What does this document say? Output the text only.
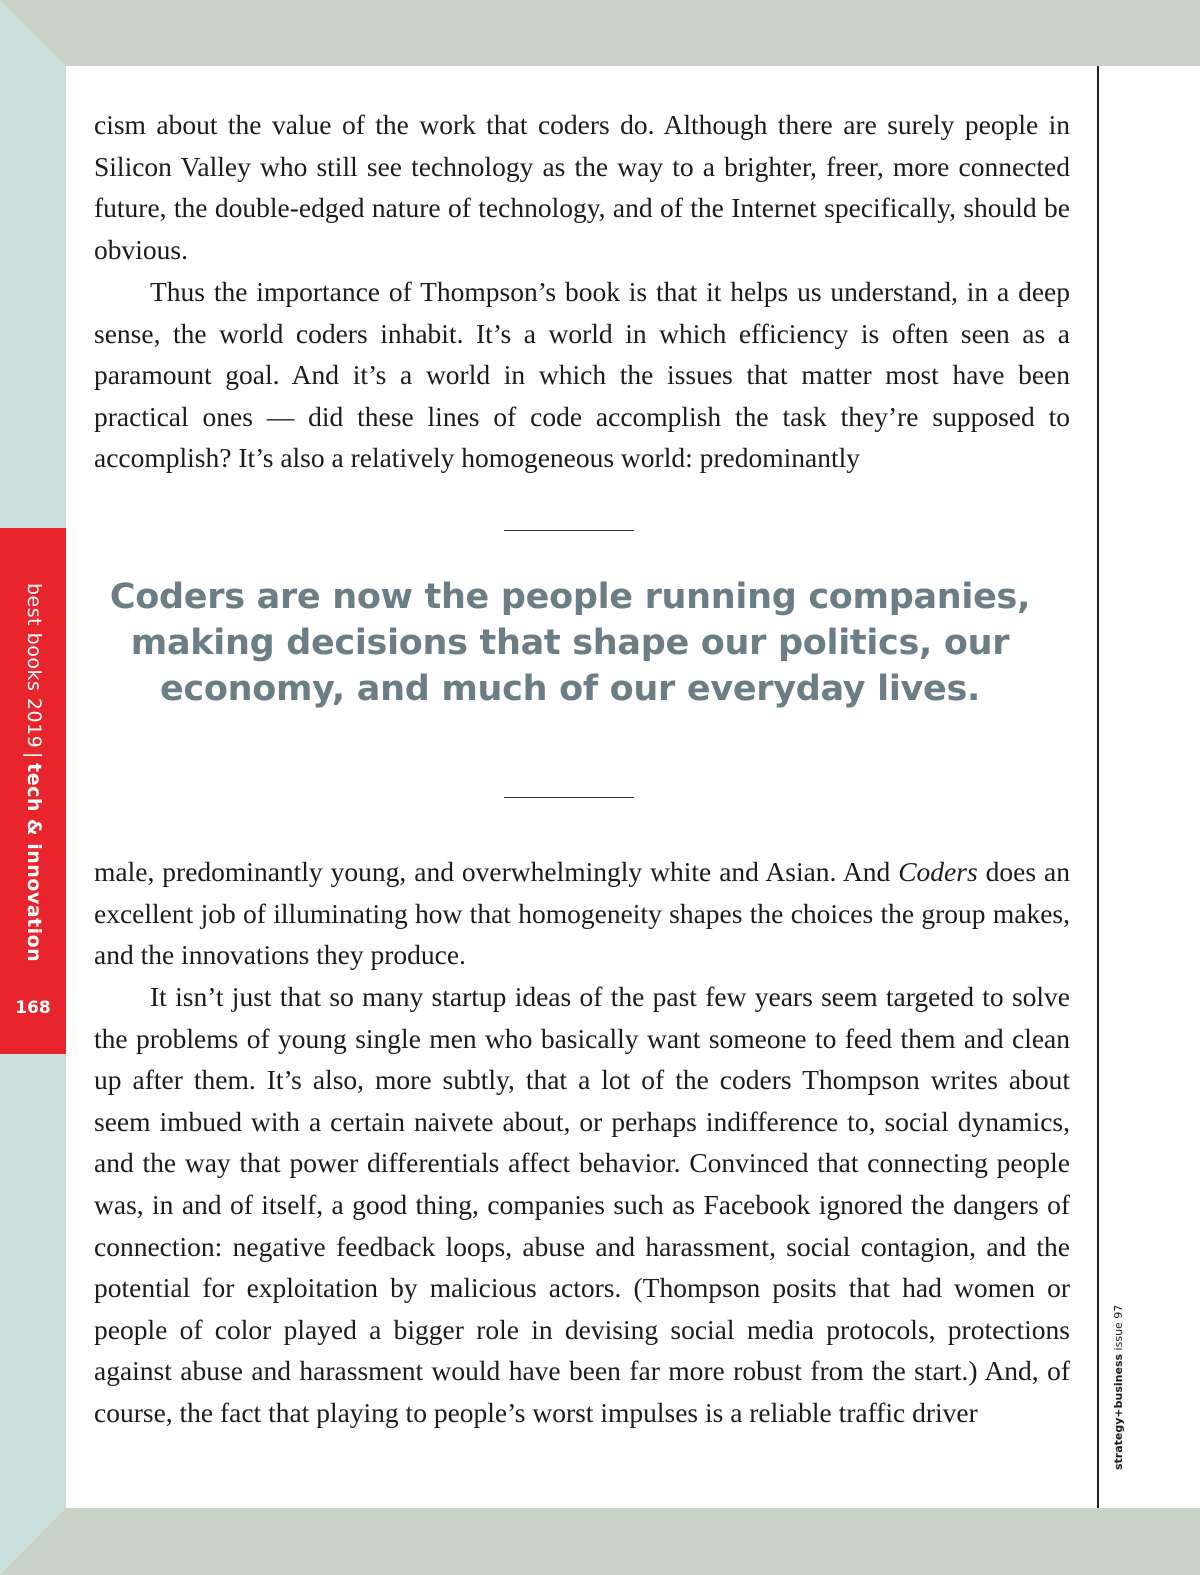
best books 2019|tech & innovation
168

cism about the value of the work that coders do. Although there are surely people in Silicon Valley who still see technology as the way to a brighter, freer, more connected future, the double-edged nature of technology, and of the Internet specifically, should be obvious.

Thus the importance of Thompson’s book is that it helps us understand, in a deep sense, the world coders inhabit. It’s a world in which efficiency is often seen as a paramount goal. And it’s a world in which the issues that matter most have been practical ones — did these lines of code accomplish the task they’re supposed to accomplish? It’s also a relatively homogeneous world: predominantly

Coders are now the people running companies, making decisions that shape our politics, our economy, and much of our everyday lives.

male, predominantly young, and overwhelmingly white and Asian. And Coders does an excellent job of illuminating how that homogeneity shapes the choices the group makes, and the innovations they produce.

It isn’t just that so many startup ideas of the past few years seem targeted to solve the problems of young single men who basically want someone to feed them and clean up after them. It’s also, more subtly, that a lot of the coders Thompson writes about seem imbued with a certain naivete about, or perhaps indifference to, social dynamics, and the way that power differentials affect behavior. Convinced that connecting people was, in and of itself, a good thing, companies such as Facebook ignored the dangers of connection: negative feedback loops, abuse and harassment, social contagion, and the potential for exploitation by malicious actors. (Thompson posits that had women or people of color played a bigger role in devising social media protocols, protections against abuse and harassment would have been far more robust from the start.) And, of course, the fact that playing to people’s worst impulses is a reliable traffic driver	strategy+business issue 97
